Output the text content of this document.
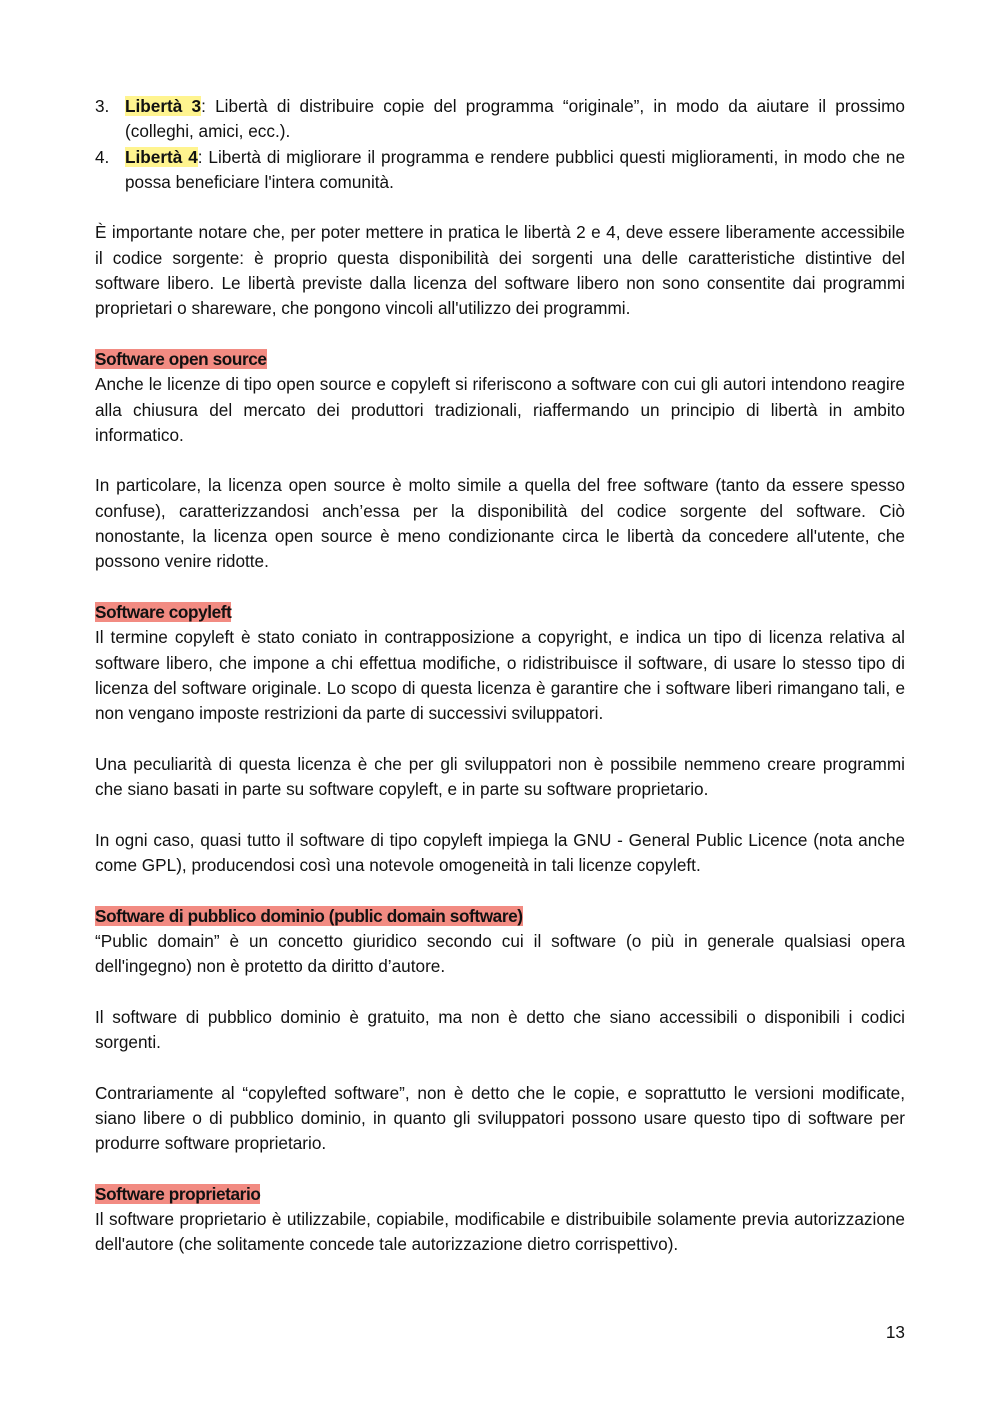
3. Libertà 3: Libertà di distribuire copie del programma “originale”, in modo da aiutare il prossimo (colleghi, amici, ecc.).
4. Libertà 4: Libertà di migliorare il programma e rendere pubblici questi miglioramenti, in modo che ne possa beneficiare l'intera comunità.

È importante notare che, per poter mettere in pratica le libertà 2 e 4, deve essere liberamente accessibile il codice sorgente: è proprio questa disponibilità dei sorgenti una delle caratteristiche distintive del software libero. Le libertà previste dalla licenza del software libero non sono consentite dai programmi proprietari o shareware, che pongono vincoli all'utilizzo dei programmi.

Software open source

Anche le licenze di tipo open source e copyleft si riferiscono a software con cui gli autori intendono reagire alla chiusura del mercato dei produttori tradizionali, riaffermando un principio di libertà in ambito informatico.

In particolare, la licenza open source è molto simile a quella del free software (tanto da essere spesso confuse), caratterizzandosi anch’essa per la disponibilità del codice sorgente del software. Ciò nonostante, la licenza open source è meno condizionante circa le libertà da concedere all'utente, che possono venire ridotte.

Software copyleft

Il termine copyleft è stato coniato in contrapposizione a copyright, e indica un tipo di licenza relativa al software libero, che impone a chi effettua modifiche, o ridistribuisce il software, di usare lo stesso tipo di licenza del software originale. Lo scopo di questa licenza è garantire che i software liberi rimangano tali, e non vengano imposte restrizioni da parte di successivi sviluppatori.

Una peculiarità di questa licenza è che per gli sviluppatori non è possibile nemmeno creare programmi che siano basati in parte su software copyleft, e in parte su software proprietario.

In ogni caso, quasi tutto il software di tipo copyleft impiega la GNU - General Public Licence (nota anche come GPL), producendosi così una notevole omogeneità in tali licenze copyleft.

Software di pubblico dominio (public domain software)

“Public domain” è un concetto giuridico secondo cui il software (o più in generale qualsiasi opera dell'ingegno) non è protetto da diritto d’autore.

Il software di pubblico dominio è gratuito, ma non è detto che siano accessibili o disponibili i codici sorgenti.

Contrariamente al “copylefted software”, non è detto che le copie, e soprattutto le versioni modificate, siano libere o di pubblico dominio, in quanto gli sviluppatori possono usare questo tipo di software per produrre software proprietario.

Software proprietario

Il software proprietario è utilizzabile, copiabile, modificabile e distribuibile solamente previa autorizzazione dell'autore (che solitamente concede tale autorizzazione dietro corrispettivo).

13
